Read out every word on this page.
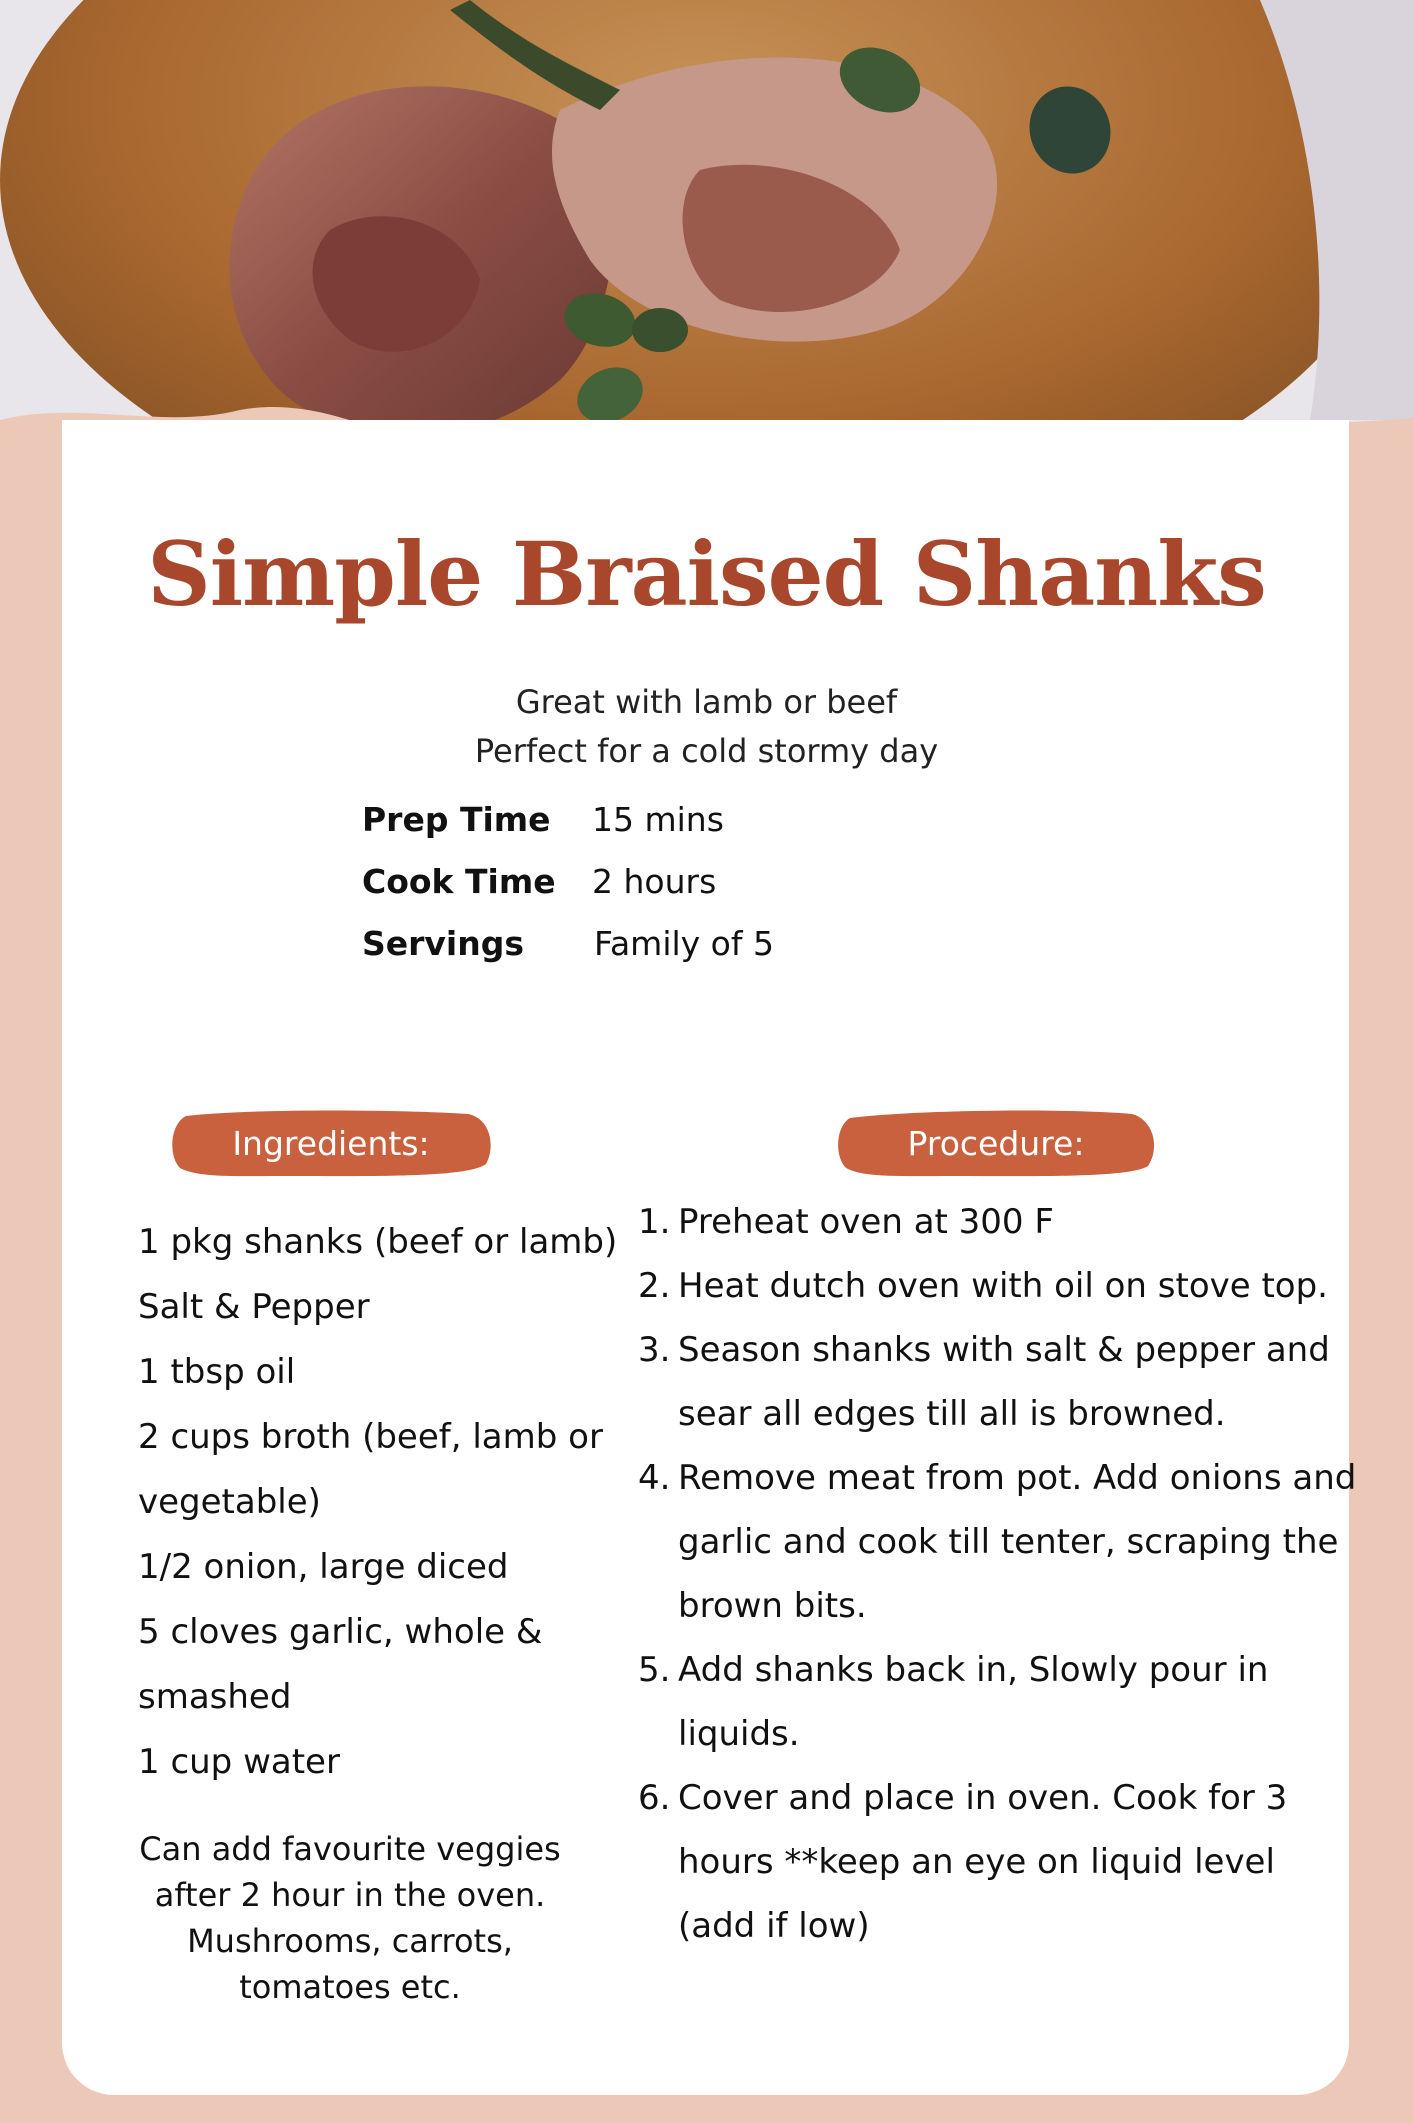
Simple Braised Shanks
Great with lamb or beef
Perfect for a cold stormy day
Prep Time 15 mins
Cook Time 2 hours
Servings Family of 5
Ingredients:	Procedure:
1 pkg shanks (beef or lamb)
Salt & Pepper
1 tbsp oil
2 cups broth (beef, lamb or
vegetable)
1/2 onion, large diced
5 cloves garlic, whole &
smashed
1 cup water
Can add favourite veggies after 2 hour in the oven.
Mushrooms, carrots, tomatoes etc.
1. Preheat oven at 300 F
2. Heat dutch oven with oil on stove top.
3. Season shanks with salt & pepper and sear all edges till all is browned.
4. Remove meat from pot. Add onions and garlic and cook till tenter, scraping the brown bits.
5. Add shanks back in, Slowly pour in liquids.
6. Cover and place in oven. Cook for 3 hours **keep an eye on liquid level (add if low)
